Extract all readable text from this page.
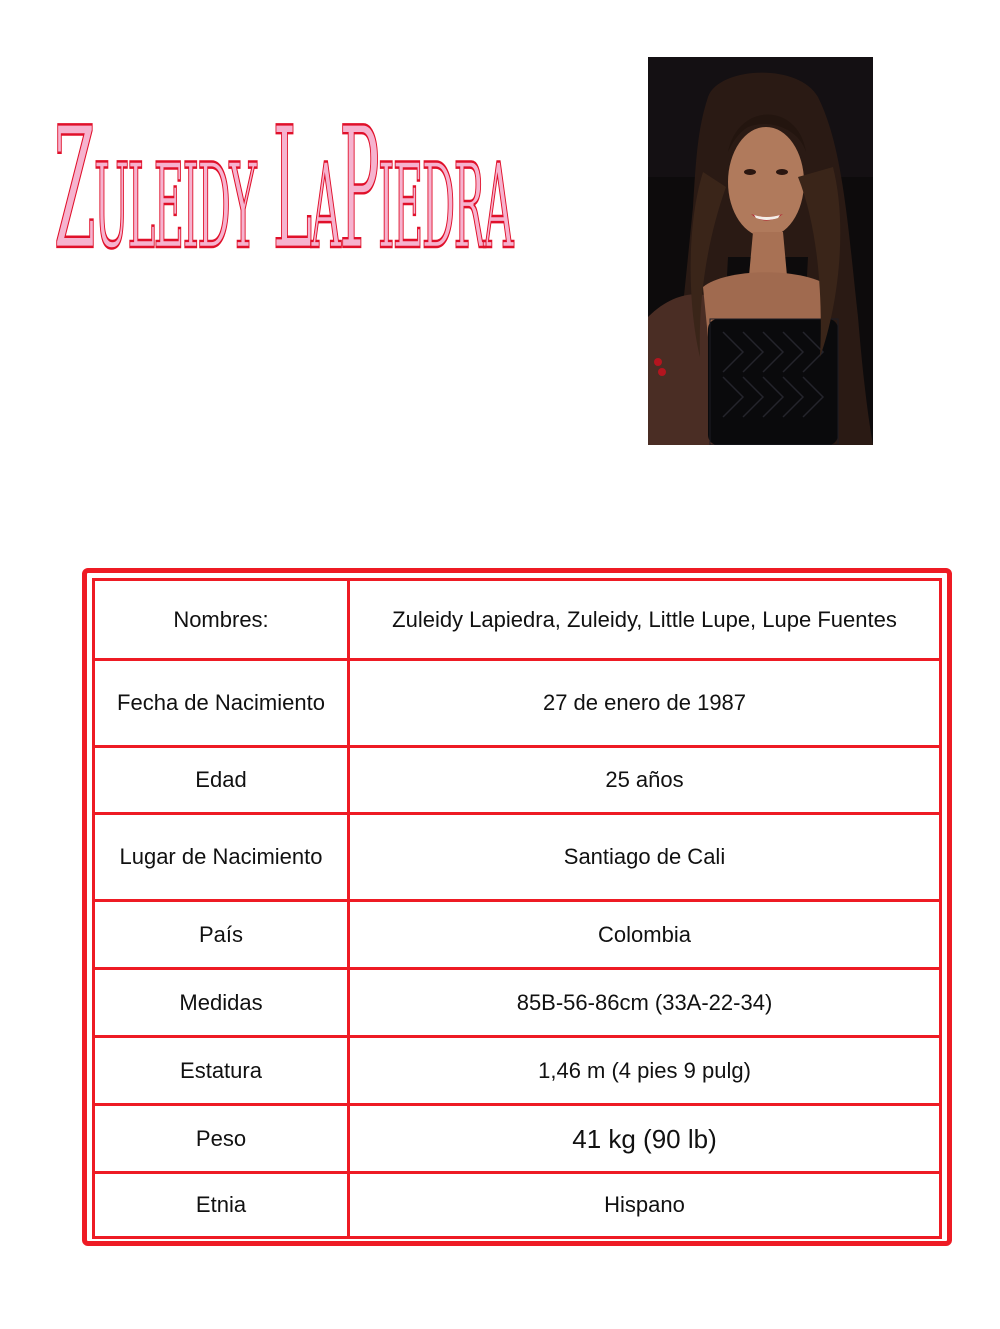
Zuleidy LaPiedra
Nombres:	Zuleidy Lapiedra, Zuleidy, Little Lupe, Lupe Fuentes
Fecha de Nacimiento	27 de enero de 1987
Edad	25 años
Lugar de Nacimiento	Santiago de Cali
País	Colombia
Medidas	85B-56-86cm (33A-22-34)
Estatura	1,46 m (4 pies 9 pulg)
Peso	41 kg (90 lb)
Etnia	Hispano
